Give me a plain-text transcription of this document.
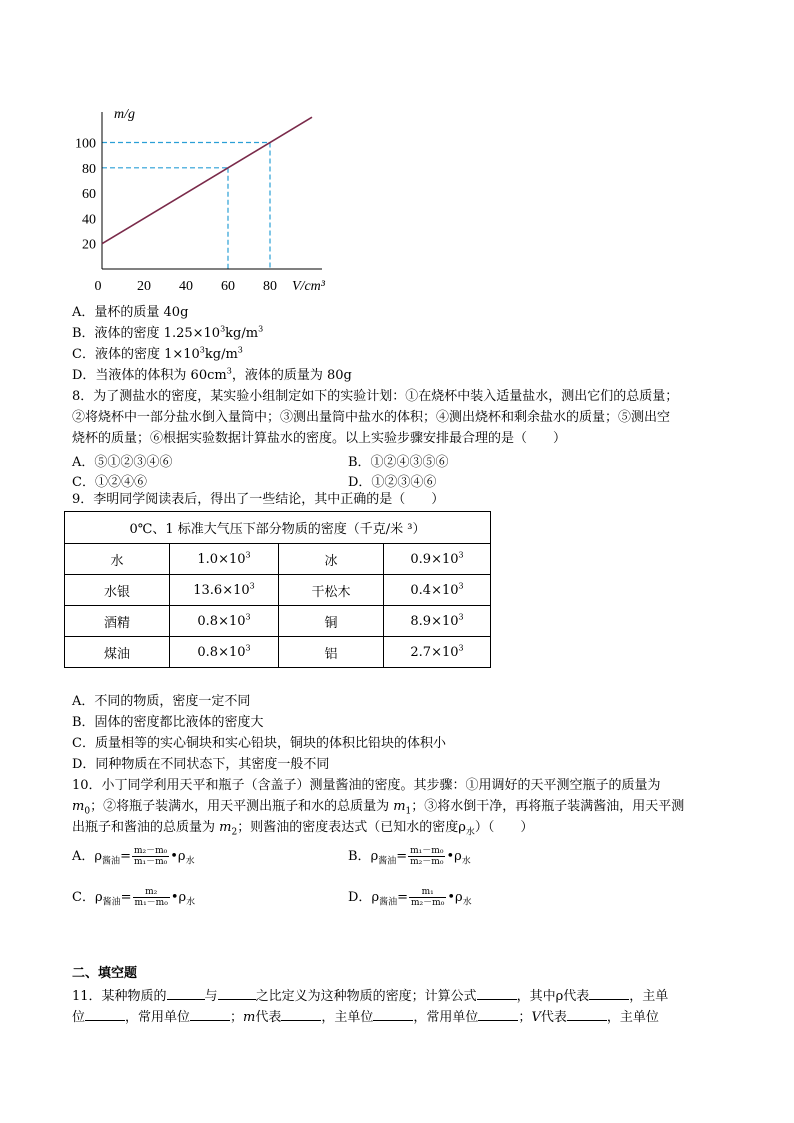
20
40
60
80
100
20 40 60 80
0
m/g
V/cm³
A．量杯的质量 40g
B．液体的密度 $1.25\times 10^3kg/m^3$
C．液体的密度 $1\times 10^3kg/m^3$
D．当液体的体积为 $60cm^3$，液体的质量为 80g
8．为了测盐水的密度，某实验小组制定如下的实验计划：①在烧杯中装入适量盐水，测出它们的总质量；
②将烧杯中一部分盐水倒入量筒中；③测出量筒中盐水的体积；④测出烧杯和剩余盐水的质量；⑤测出空
烧杯的质量；⑥根据实验数据计算盐水的密度。以上实验步骤安排最合理的是（　　）
A．⑤①②③④⑥	B．①②④③⑤⑥
C．①②④⑥	D．①②③④⑥
9．李明同学阅读表后，得出了一些结论，其中正确的是（　　）
0℃、1 标准大气压下部分物质的密度（千克/米 ³）			
水	$1.0\times 10^3$	冰	$0.9\times 10^3$
水银	$13.6\times 10^3$	干松木	$0.4\times 10^3$
酒精	$0.8\times 10^3$	铜	$8.9\times 10^3$
煤油	$0.8\times 10^3$	铝	$2.7\times 10^3$
A．不同的物质，密度一定不同
B．固体的密度都比液体的密度大
C．质量相等的实心铜块和实心铅块，铜块的体积比铅块的体积小
D．同种物质在不同状态下，其密度一般不同
10．小丁同学利用天平和瓶子（含盖子）测量酱油的密度。其步骤：①用调好的天平测空瓶子的质量为
$m_0$；②将瓶子装满水，用天平测出瓶子和水的总质量为 $m_1$；③将水倒干净，再将瓶子装满酱油，用天平测
出瓶子和酱油的总质量为 $m_2$；则酱油的密度表达式（已知水的密度$\rho_水$）（　　）
A．$\rho_{酱油}= \frac{\text{m₂－m₀}}{\text{m₁－m₀}}$ $•\rho_水$	B．$\rho_{酱油}= \frac{\text{m₁－m₀}}{\text{m₂－m₀}}$ $•\rho_水$
C．$\rho_{酱油}= \frac{\text{m₂}}{\text{m₁－m₀}}$ $•\rho_水$	D．$\rho_{酱油}= \frac{\text{m₁}}{\text{m₂－m₀}}$ $•\rho_水$
二、填空题
11．某种物质的	与	之比定义为这种物质的密度；计算公式	，其中ρ代表	，主单
位	，常用单位	；m代表	，主单位	，常用单位	；V代表	，主单位
